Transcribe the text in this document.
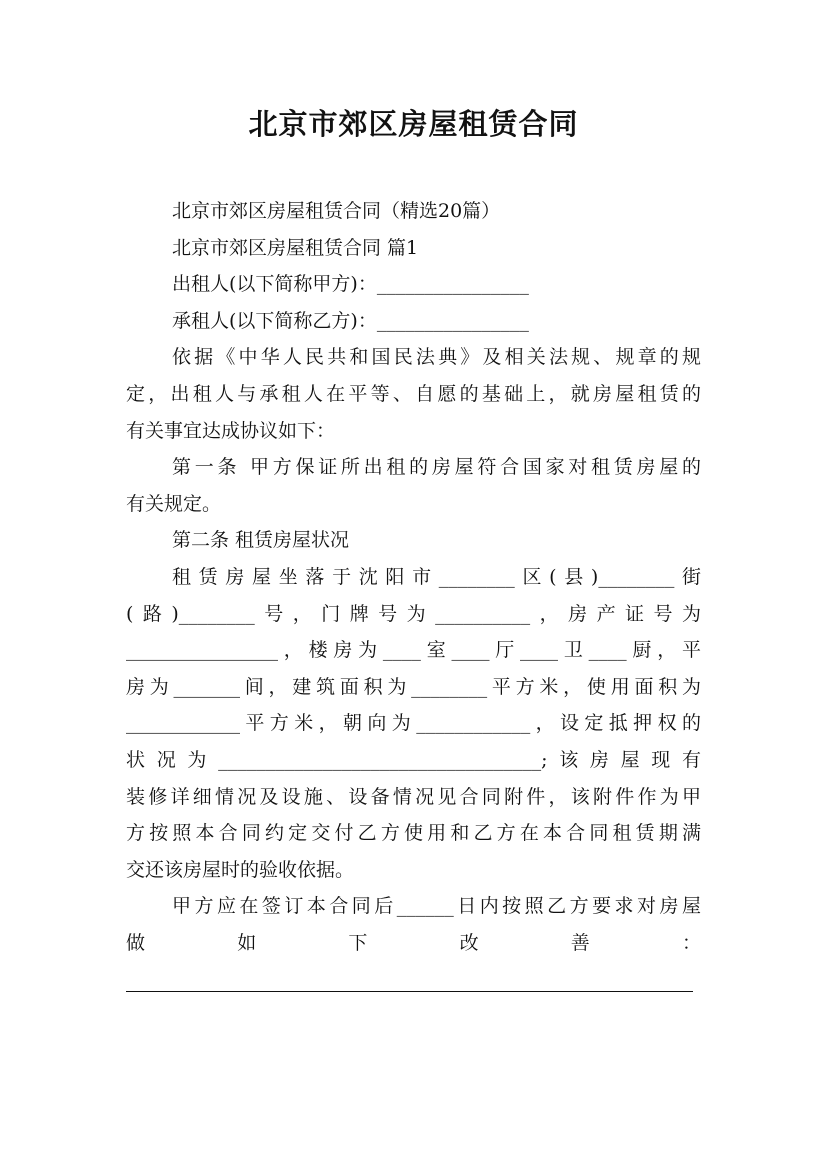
北京市郊区房屋租赁合同
北京市郊区房屋租赁合同（精选20篇）
北京市郊区房屋租赁合同 篇1
出租人(以下简称甲方)：________________
承租人(以下简称乙方)：________________
依据《中华人民共和国民法典》及相关法规、规章的规
定，出租人与承租人在平等、自愿的基础上，就房屋租赁的
有关事宜达成协议如下：
第一条 甲方保证所出租的房屋符合国家对租赁房屋的
有关规定。
第二条 租赁房屋状况
租赁房屋坐落于沈阳市________区(县)________街
(路)________号，门牌号为__________，房产证号为
________________，楼房为____室____厅____卫____厨，平
房为_______间，建筑面积为________平方米，使用面积为
____________平方米，朝向为____________，设定抵押权的
状况为__________________________________;该房屋现有
装修详细情况及设施、设备情况见合同附件，该附件作为甲
方按照本合同约定交付乙方使用和乙方在本合同租赁期满
交还该房屋时的验收依据。
甲方应在签订本合同后______日内按照乙方要求对房屋
做如下改善：
